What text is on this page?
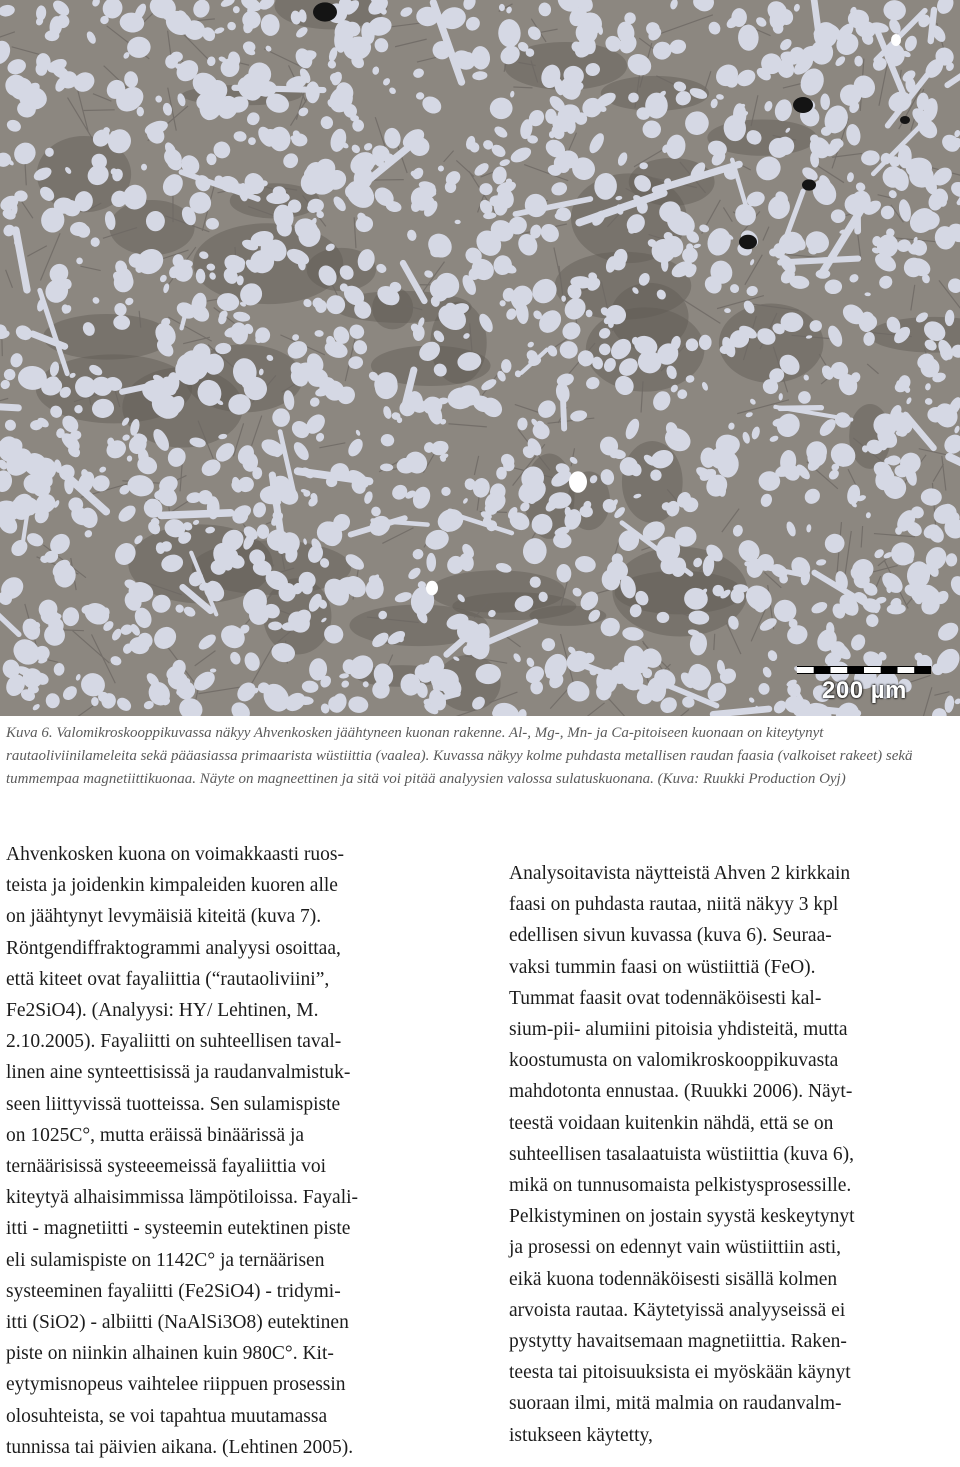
200 µm
Kuva 6. Valomikroskooppikuvassa näkyy Ahvenkosken jäähtyneen kuonan rakenne. Al-, Mg-, Mn- ja Ca-pitoiseen kuonaan on kiteytynyt rautaoliviinilameleita sekä pääasiassa primaarista wüstiittia (vaalea). Kuvassa näkyy kolme puhdasta metallisen raudan faasia (valkoiset rakeet) sekä tummempaa magnetiittikuonaa. Näyte on magneettinen ja sitä voi pitää analyysien valossa sulatuskuonana. (Kuva: Ruukki Production Oyj)
Ahvenkosken kuona on voimakkaasti ruos-
teista ja joidenkin kimpaleiden kuoren alle
on jäähtynyt levymäisiä kiteitä (kuva 7).
Röntgendiffraktogrammi analyysi osoittaa,
että kiteet ovat fayaliittia (“rautaoliviini”,
Fe2SiO4). (Analyysi: HY/ Lehtinen, M.
2.10.2005). Fayaliitti on suhteellisen taval-
linen aine synteettisissä ja raudanvalmistuk-
seen liittyvissä tuotteissa. Sen sulamispiste
on 1025C°, mutta eräissä binäärissä ja
ternäärisissä systeeemeissä fayaliittia voi
kiteytyä alhaisimmissa lämpötiloissa. Fayali-
itti - magnetiitti - systeemin eutektinen piste
eli sulamispiste on 1142C° ja ternäärisen
systeeminen fayaliitti (Fe2SiO4) - tridymi-
itti (SiO2) - albiitti (NaAlSi3O8) eutektinen
piste on niinkin alhainen kuin 980C°. Kit-
eytymisnopeus vaihtelee riippuen prosessin
olosuhteista, se voi tapahtua muutamassa
tunnissa tai päivien aikana. (Lehtinen 2005).
Analysoitavista näytteistä Ahven 2 kirkkain
faasi on puhdasta rautaa, niitä näkyy 3 kpl
edellisen sivun kuvassa (kuva 6). Seuraa-
vaksi tummin faasi on wüstiittiä (FeO).
Tummat faasit ovat todennäköisesti kal-
sium-pii- alumiini pitoisia yhdisteitä, mutta
koostumusta on valomikroskooppikuvasta
mahdotonta ennustaa. (Ruukki 2006). Näyt-
teestä voidaan kuitenkin nähdä, että se on
suhteellisen tasalaatuista wüstiittia (kuva 6),
mikä on tunnusomaista pelkistysprosessille.
Pelkistyminen on jostain syystä keskeytynyt
ja prosessi on edennyt vain wüstiittiin asti,
eikä kuona todennäköisesti sisällä kolmen
arvoista rautaa. Käytetyissä analyyseissä ei
pystytty havaitsemaan magnetiittia. Raken-
teesta tai pitoisuuksista ei myöskään käynyt
suoraan ilmi, mitä malmia on raudanvalm-
istukseen käytetty,
